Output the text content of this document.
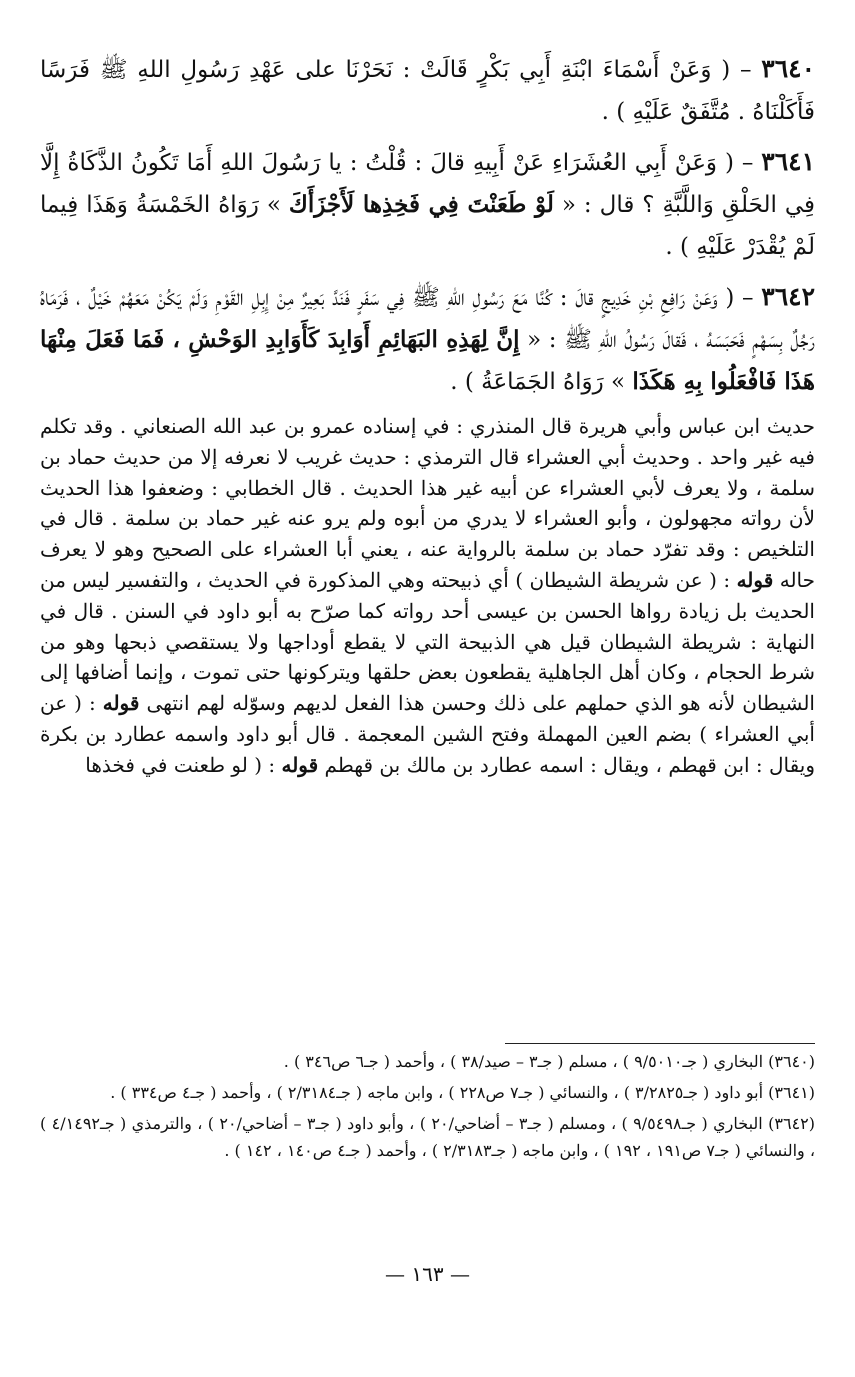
٣٦٤٠ – ( وَعَنْ أَسْمَاءَ ابْنَةِ أَبِي بَكْرٍ قَالَتْ : نَحَرْنَا على عَهْدِ رَسُولِ اللهِ ﷺ فَرَسًا فَأَكَلْنَاهُ . مُتَّفَقٌ عَلَيْهِ ) .

٣٦٤١ – ( وَعَنْ أَبِي العُشَرَاءِ عَنْ أَبِيهِ قالَ : قُلْتُ : يا رَسُولَ اللهِ أَمَا تَكُونُ الذَّكَاةُ إِلَّا فِي الحَلْقِ وَاللَّبَّةِ ؟ قال : « لَوْ طَعَنْتَ فِي فَخِذِها لَأَجْزَأَكَ » رَوَاهُ الخَمْسَةُ وَهَذَا فِيما لَمْ يُقْدَرْ عَلَيْهِ ) .

٣٦٤٢ – ( وَعَنْ رَافِعِ بْنِ خَدِيجٍ قالَ : كُنَّا مَعَ رَسُولِ اللهِ ﷺ فِي سَفَرٍ فَنَدَّ بَعِيرٌ مِنْ إِبِلِ القَوْمِ وَلَمْ يَكُنْ مَعَهُمْ خَيْلٌ ، فَرَمَاهُ رَجُلٌ بِسَهْمٍ فَحَبَسَهُ ، فَقالَ رَسُولُ اللهِ ﷺ : « إِنَّ لِهَذِهِ البَهَائِمِ أَوَابِدَ كَأَوَابِدِ الوَحْشِ ، فَمَا فَعَلَ مِنْهَا هَذَا فَافْعَلُوا بِهِ هَكَذَا » رَوَاهُ الجَمَاعَةُ ) .

حديث ابن عباس وأبي هريرة قال المنذري : في إسناده عمرو بن عبد الله الصنعاني . وقد تكلم فيه غير واحد . وحديث أبي العشراء قال الترمذي : حديث غريب لا نعرفه إلا من حديث حماد بن سلمة ، ولا يعرف لأبي العشراء عن أبيه غير هذا الحديث . قال الخطابي : وضعفوا هذا الحديث لأن رواته مجهولون ، وأبو العشراء لا يدري من أبوه ولم يرو عنه غير حماد بن سلمة . قال في التلخيص : وقد تفرّد حماد بن سلمة بالرواية عنه ، يعني أبا العشراء على الصحيح وهو لا يعرف حاله قوله : ( عن شريطة الشيطان ) أي ذبيحته وهي المذكورة في الحديث ، والتفسير ليس من الحديث بل زيادة رواها الحسن بن عيسى أحد رواته كما صرّح به أبو داود في السنن . قال في النهاية : شريطة الشيطان قيل هي الذبيحة التي لا يقطع أوداجها ولا يستقصي ذبحها وهو من شرط الحجام ، وكان أهل الجاهلية يقطعون بعض حلقها ويتركونها حتى تموت ، وإنما أضافها إلى الشيطان لأنه هو الذي حملهم على ذلك وحسن هذا الفعل لديهم وسوّله لهم انتهى قوله : ( عن أبي العشراء ) بضم العين المهملة وفتح الشين المعجمة . قال أبو داود واسمه عطارد بن بكرة ويقال : ابن قهطم ، ويقال : اسمه عطارد بن مالك بن قهطم قوله : ( لو طعنت في فخذها

(٣٦٤٠) البخاري ( جـ٩/٥٠١٠ ) ، مسلم ( جـ٣ – صيد/٣٨ ) ، وأحمد ( جـ٦ ص٣٤٦ ) .

(٣٦٤١) أبو داود ( جـ٣/٢٨٢٥ ) ، والنسائي ( جـ٧ ص٢٢٨ ) ، وابن ماجه ( جـ٢/٣١٨٤ ) ، وأحمد ( جـ٤ ص٣٣٤ ) .

(٣٦٤٢) البخاري ( جـ٩/٥٤٩٨ ) ، ومسلم ( جـ٣ – أضاحي/٢٠ ) ، وأبو داود ( جـ٣ – أضاحي/٢٠ ) ، والترمذي ( جـ٤/١٤٩٢ ) ، والنسائي ( جـ٧ ص١٩١ ، ١٩٢ ) ، وابن ماجه ( جـ٢/٣١٨٣ ) ، وأحمد ( جـ٤ ص١٤٠ ، ١٤٢ ) .

— ١٦٣ —
